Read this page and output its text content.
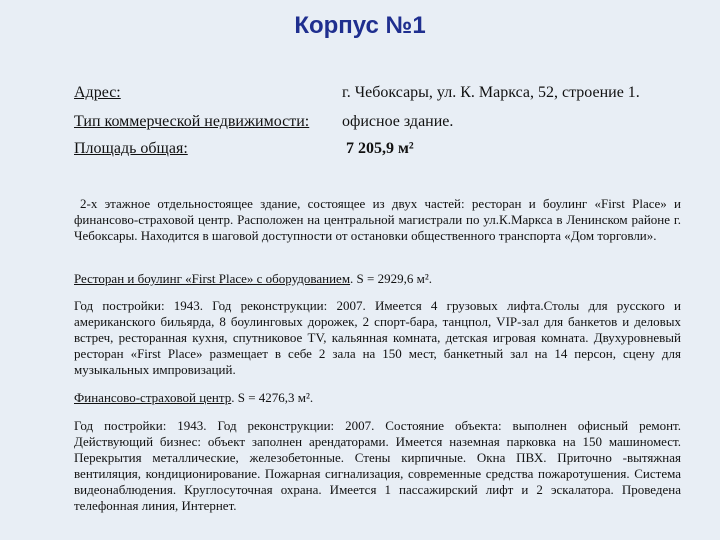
Корпус №1
Адрес:	г. Чебоксары, ул. К. Маркса, 52, строение 1.
Тип коммерческой недвижимости: офисное здание.
Площадь общая:	7 205,9 м²

2-х этажное отдельностоящее здание, состоящее из двух частей: ресторан и боулинг «First Place» и финансово-страховой центр. Расположен на центральной магистрали по ул.К.Маркса в Ленинском районе г. Чебоксары. Находится в шаговой доступности от остановки общественного транспорта «Дом торговли».

Ресторан и боулинг «First Place» с оборудованием. S = 2929,6 м².

Год постройки: 1943. Год реконструкции: 2007. Имеется 4 грузовых лифта.Столы для русского и американского бильярда, 8 боулинговых дорожек, 2 спорт-бара, танцпол, VIP-зал для банкетов и деловых встреч, ресторанная кухня, спутниковое TV, кальянная комната, детская игровая комната. Двухуровневый ресторан «First Place» размещает в себе 2 зала на 150 мест, банкетный зал на 14 персон, сцену для музыкальных импровизаций.

Финансово-страховой центр. S = 4276,3 м².

Год постройки: 1943. Год реконструкции: 2007. Состояние объекта: выполнен офисный ремонт. Действующий бизнес: объект заполнен арендаторами. Имеется наземная парковка на 150 машиномест. Перекрытия металлические, железобетонные. Стены кирпичные. Окна ПВХ. Приточно -вытяжная вентиляция, кондиционирование. Пожарная сигнализация, современные средства пожаротушения. Система видеонаблюдения. Круглосуточная охрана. Имеется 1 пассажирский лифт и 2 эскалатора. Проведена телефонная линия, Интернет.
